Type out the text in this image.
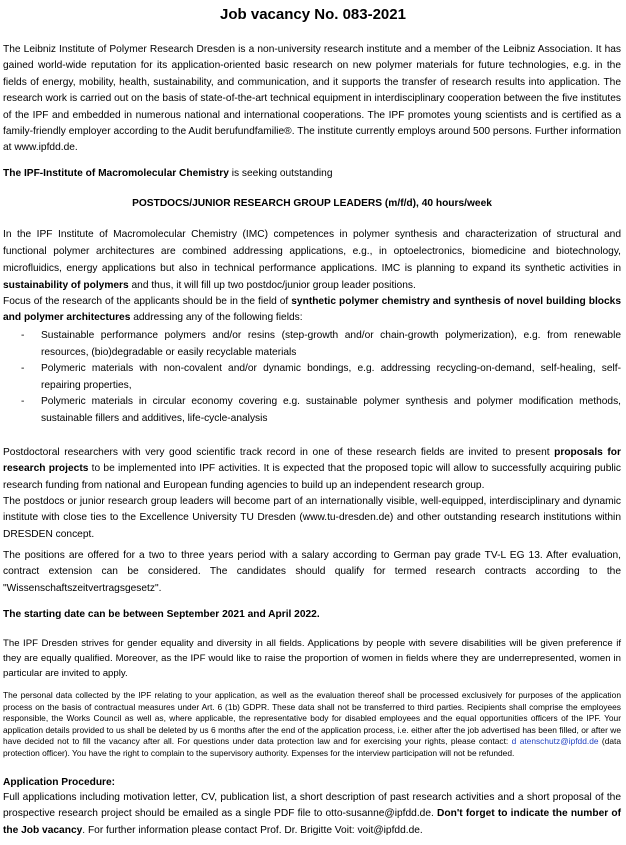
Job vacancy No. 083-2021
The Leibniz Institute of Polymer Research Dresden is a non-university research institute and a member of the Leibniz Association. It has gained world-wide reputation for its application-oriented basic research on new polymer materials for future technologies, e.g. in the fields of energy, mobility, health, sustainability, and communication, and it supports the transfer of research results into application. The research work is carried out on the basis of state-of-the-art technical equipment in interdisciplinary cooperation between the five institutes of the IPF and embedded in numerous national and international cooperations. The IPF promotes young scientists and is certified as a family-friendly employer according to the Audit berufundfamilie®. The institute currently employs around 500 persons. Further information at www.ipfdd.de.
The IPF-Institute of Macromolecular Chemistry is seeking outstanding
POSTDOCS/JUNIOR RESEARCH GROUP LEADERS (m/f/d), 40 hours/week
In the IPF Institute of Macromolecular Chemistry (IMC) competences in polymer synthesis and characterization of structural and functional polymer architectures are combined addressing applications, e.g., in optoelectronics, biomedicine and biotechnology, microfluidics, energy applications but also in technical performance applications. IMC is planning to expand its synthetic activities in sustainability of polymers and thus, it will fill up two postdoc/junior group leader positions.
Focus of the research of the applicants should be in the field of synthetic polymer chemistry and synthesis of novel building blocks and polymer architectures addressing any of the following fields:
- Sustainable performance polymers and/or resins (step-growth and/or chain-growth polymerization), e.g. from renewable resources, (bio)degradable or easily recyclable materials
- Polymeric materials with non-covalent and/or dynamic bondings, e.g. addressing recycling-on-demand, self-healing, self-repairing properties,
- Polymeric materials in circular economy covering e.g. sustainable polymer synthesis and polymer modification methods, sustainable fillers and additives, life-cycle-analysis
Postdoctoral researchers with very good scientific track record in one of these research fields are invited to present proposals for research projects to be implemented into IPF activities. It is expected that the proposed topic will allow to successfully acquiring public research funding from national and European funding agencies to build up an independent research group.
The postdocs or junior research group leaders will become part of an internationally visible, well-equipped, interdisciplinary and dynamic institute with close ties to the Excellence University TU Dresden (www.tu-dresden.de) and other outstanding research institutions within DRESDEN concept.
The positions are offered for a two to three years period with a salary according to German pay grade TV-L EG 13. After evaluation, contract extension can be considered. The candidates should qualify for termed research contracts according to the "Wissenschaftszeitvertragsgesetz".
The starting date can be between September 2021 and April 2022.
The IPF Dresden strives for gender equality and diversity in all fields. Applications by people with severe disabilities will be given preference if they are equally qualified. Moreover, as the IPF would like to raise the proportion of women in fields where they are underrepresented, women in particular are invited to apply.
The personal data collected by the IPF relating to your application, as well as the evaluation thereof shall be processed exclusively for purposes of the application process on the basis of contractual measures under Art. 6 (1b) GDPR. These data shall not be transferred to third parties. Recipients shall comprise the employees responsible, the Works Council as well as, where applicable, the representative body for disabled employees and the equal opportunities officers of the IPF. Your application details provided to us shall be deleted by us 6 months after the end of the application process, i.e. either after the job advertised has been filled, or after we have decided not to fill the vacancy after all. For questions under data protection law and for exercising your rights, please contact: d atenschutz@ipfdd.de (data protection officer). You have the right to complain to the supervisory authority. Expenses for the interview participation will not be refunded.
Application Procedure:
Full applications including motivation letter, CV, publication list, a short description of past research activities and a short proposal of the prospective research project should be emailed as a single PDF file to otto-susanne@ipfdd.de. Don't forget to indicate the number of the Job vacancy. For further information please contact Prof. Dr. Brigitte Voit: voit@ipfdd.de.
